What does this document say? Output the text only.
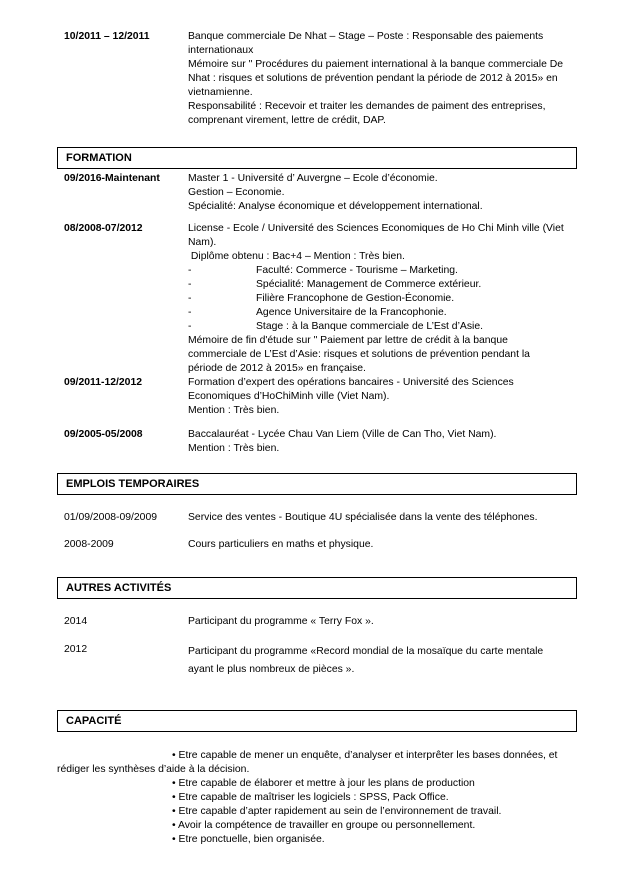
10/2011 – 12/2011	Banque commerciale De Nhat – Stage – Poste : Responsable des paiements
internationaux
Mémoire sur " Procédures du paiement international à la banque commerciale De
Nhat : risques et solutions de prévention pendant la période de 2012 à 2015» en
vietnamienne.
Responsabilité : Recevoir et traiter les demandes de paiment des entreprises,
comprenant virement, lettre de crédit, DAP.
FORMATION
09/2016-Maintenant	Master 1 - Université d’ Auvergne – Ecole d’économie.
Gestion – Economie.
Spécialité: Analyse économique et développement international.
08/2008-07/2012	License - Ecole / Université des Sciences Economiques de Ho Chi Minh ville (Viet
Nam).
Diplôme obtenu : Bac+4 – Mention : Très bien.
-	Faculté: Commerce - Tourisme – Marketing.
-	Spécialité: Management de Commerce extérieur.
-	Filière Francophone de Gestion-Économie.
-	Agence Universitaire de la Francophonie.
-	Stage : à la Banque commerciale de L’Est d’Asie.
Mémoire de fin d'étude sur " Paiement par lettre de crédit à la banque
commerciale de L’Est d’Asie: risques et solutions de prévention pendant la
période de 2012 à 2015» en française.
09/2011-12/2012	Formation d’expert des opérations bancaires - Université des Sciences
Economiques d’HoChiMinh ville (Viet Nam).
Mention : Très bien.
09/2005-05/2008	Baccalauréat - Lycée Chau Van Liem (Ville de Can Tho, Viet Nam).
Mention : Très bien.
EMPLOIS TEMPORAIRES
01/09/2008-09/2009	Service des ventes - Boutique 4U spécialisée dans la vente des téléphones.
2008-2009	Cours particuliers en maths et physique.
AUTRES ACTIVITÉS
2014	Participant du programme « Terry Fox ».
2012	Participant du programme «Record mondial de la mosaïque du carte mentale
ayant le plus nombreux de pièces ».
CAPACITÉ
• Etre capable de mener un enquête, d’analyser et interprêter les bases données, et
rédiger les synthèses d’aide à la décision.
• Etre capable de élaborer et mettre à jour les plans de production
• Etre capable de maîtriser les logiciels : SPSS, Pack Office.
• Etre capable d’apter rapidement au sein de l’environnement de travail.
• Avoir la compétence de travailler en groupe ou personnellement.
• Etre ponctuelle, bien organisée.
